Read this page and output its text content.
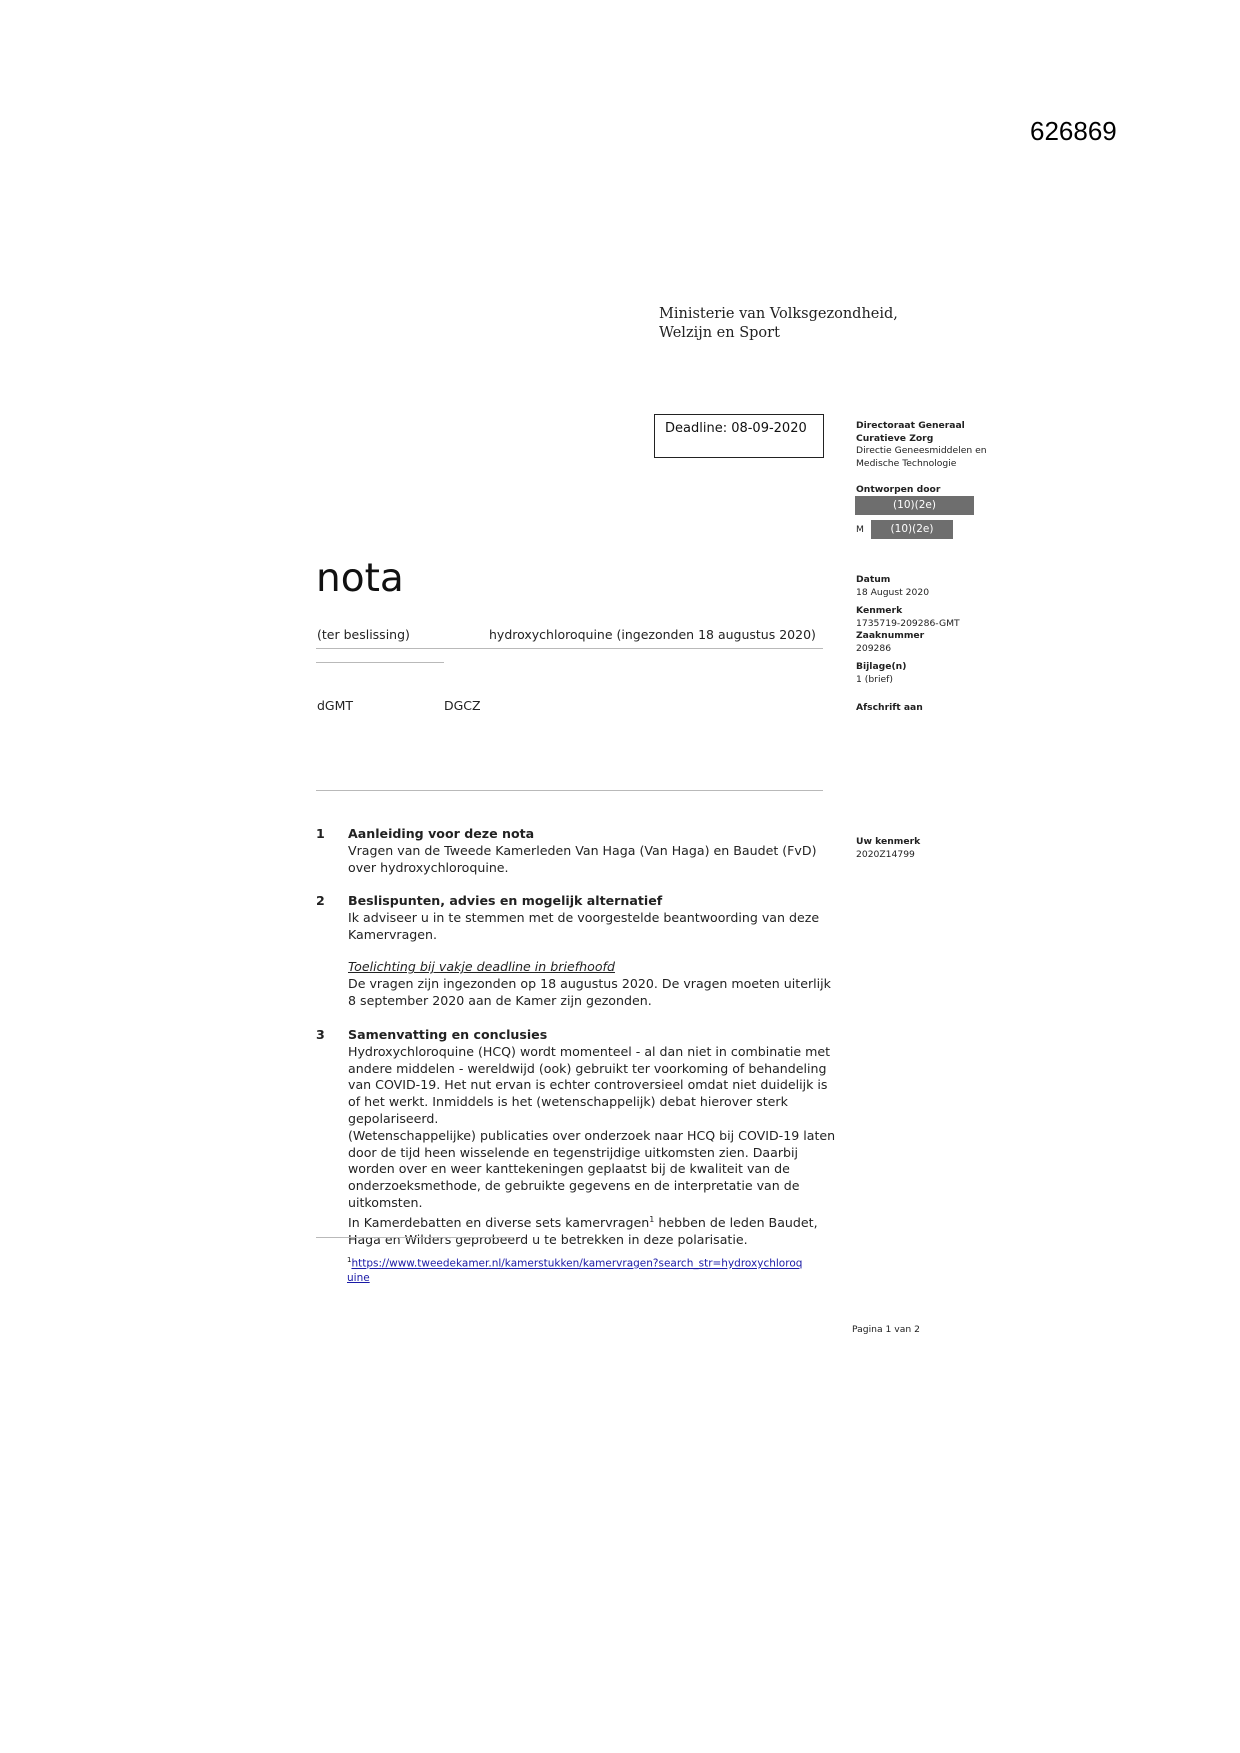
626869
Ministerie van Volksgezondheid,
Welzijn en Sport
Deadline: 08-09-2020	Directoraat Generaal
Curatieve Zorg
Directie Geneesmiddelen en
Medische Technologie
Ontworpen door
(10)(2e)
M	(10)(2e)
Datum
18 August 2020
Kenmerk
1735719-209286-GMT
Zaaknummer
209286
Bijlage(n)
1 (brief)
Afschrift aan
Uw kenmerk
2020Z14799
nota
(ter beslissing)	hydroxychloroquine (ingezonden 18 augustus 2020)
dGMT	DGCZ
1 Aanleiding voor deze nota
Vragen van de Tweede Kamerleden Van Haga (Van Haga) en Baudet (FvD)
over hydroxychloroquine.
2 Beslispunten, advies en mogelijk alternatief
Ik adviseer u in te stemmen met de voorgestelde beantwoording van deze
Kamervragen.
Toelichting bij vakje deadline in briefhoofd
De vragen zijn ingezonden op 18 augustus 2020. De vragen moeten uiterlijk
8 september 2020 aan de Kamer zijn gezonden.
3 Samenvatting en conclusies
Hydroxychloroquine (HCQ) wordt momenteel - al dan niet in combinatie met
andere middelen - wereldwijd (ook) gebruikt ter voorkoming of behandeling
van COVID-19. Het nut ervan is echter controversieel omdat niet duidelijk is
of het werkt. Inmiddels is het (wetenschappelijk) debat hierover sterk
gepolariseerd.
(Wetenschappelijke) publicaties over onderzoek naar HCQ bij COVID-19 laten
door de tijd heen wisselende en tegenstrijdige uitkomsten zien. Daarbij
worden over en weer kanttekeningen geplaatst bij de kwaliteit van de
onderzoeksmethode, de gebruikte gegevens en de interpretatie van de
uitkomsten.
In Kamerdebatten en diverse sets kamervragen$^1$ hebben de leden Baudet,
Haga en Wilders geprobeerd u te betrekken in deze polarisatie.
$^1$https://www.tweedekamer.nl/kamerstukken/kamervragen?search_str=hydroxychloroq
uine
Pagina 1 van 2
